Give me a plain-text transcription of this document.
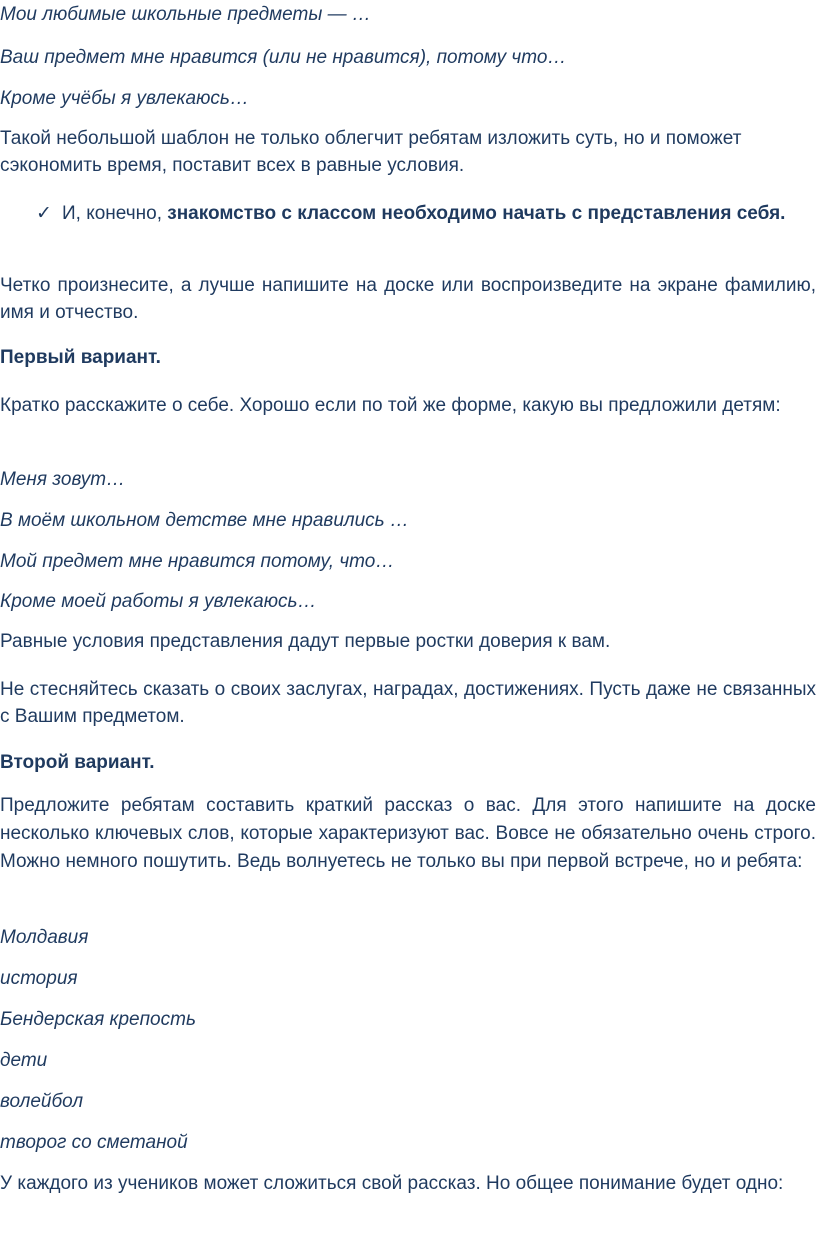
Мои любимые школьные предметы — …

Ваш предмет мне нравится (или не нравится), потому что…

Кроме учёбы я увлекаюсь…

Такой небольшой шаблон не только облегчит ребятам изложить суть, но и поможет сэкономить время, поставит всех в равные условия.

✓ И, конечно, знакомство с классом необходимо начать с представления себя.

Четко произнесите, а лучше напишите на доске или воспроизведите на экране фамилию, имя и отчество.

Первый вариант.

Кратко расскажите о себе. Хорошо если по той же форме, какую вы предложили детям:

Меня зовут…

В моём школьном детстве мне нравились …

Мой предмет мне нравится потому, что…

Кроме моей работы я увлекаюсь…

Равные условия представления дадут первые ростки доверия к вам.

Не стесняйтесь сказать о своих заслугах, наградах, достижениях. Пусть даже не связанных с Вашим предметом.

Второй вариант.

Предложите ребятам составить краткий рассказ о вас. Для этого напишите на доске несколько ключевых слов, которые характеризуют вас. Вовсе не обязательно очень строго. Можно немного пошутить. Ведь волнуетесь не только вы при первой встрече, но и ребята:

Молдавия

история

Бендерская крепость

дети

волейбол

творог со сметаной

У каждого из учеников может сложиться свой рассказ. Но общее понимание будет одно:
